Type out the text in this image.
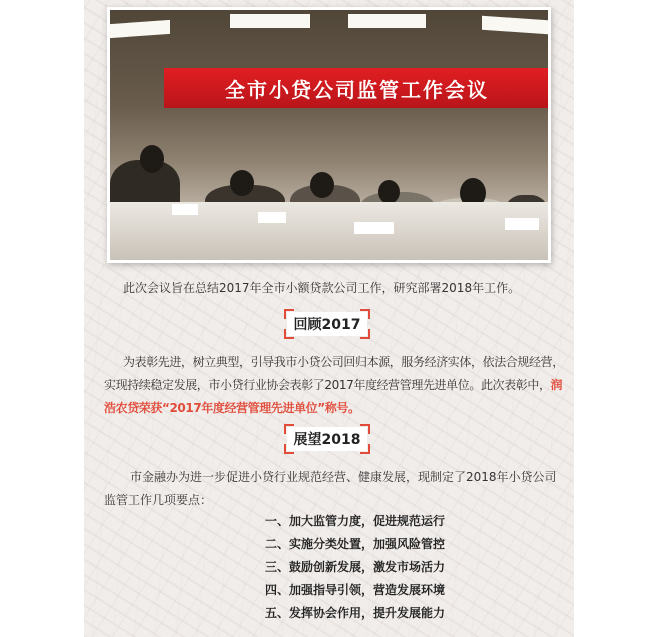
全市小贷公司监管工作会议

此次会议旨在总结2017年全市小额贷款公司工作，研究部署2018年工作。

回顾2017

为表彰先进，树立典型，引导我市小贷公司回归本源，服务经济实体，依法合规经营，实现持续稳定发展，市小贷行业协会表彰了2017年度经营管理先进单位。此次表彰中，润浩农贷荣获“2017年度经营管理先进单位”称号。

展望2018

市金融办为进一步促进小贷行业规范经营、健康发展，现制定了2018年小贷公司监管工作几项要点：

一、加大监管力度，促进规范运行
二、实施分类处置，加强风险管控
三、鼓励创新发展，激发市场活力
四、加强指导引领，营造发展环境
五、发挥协会作用，提升发展能力
